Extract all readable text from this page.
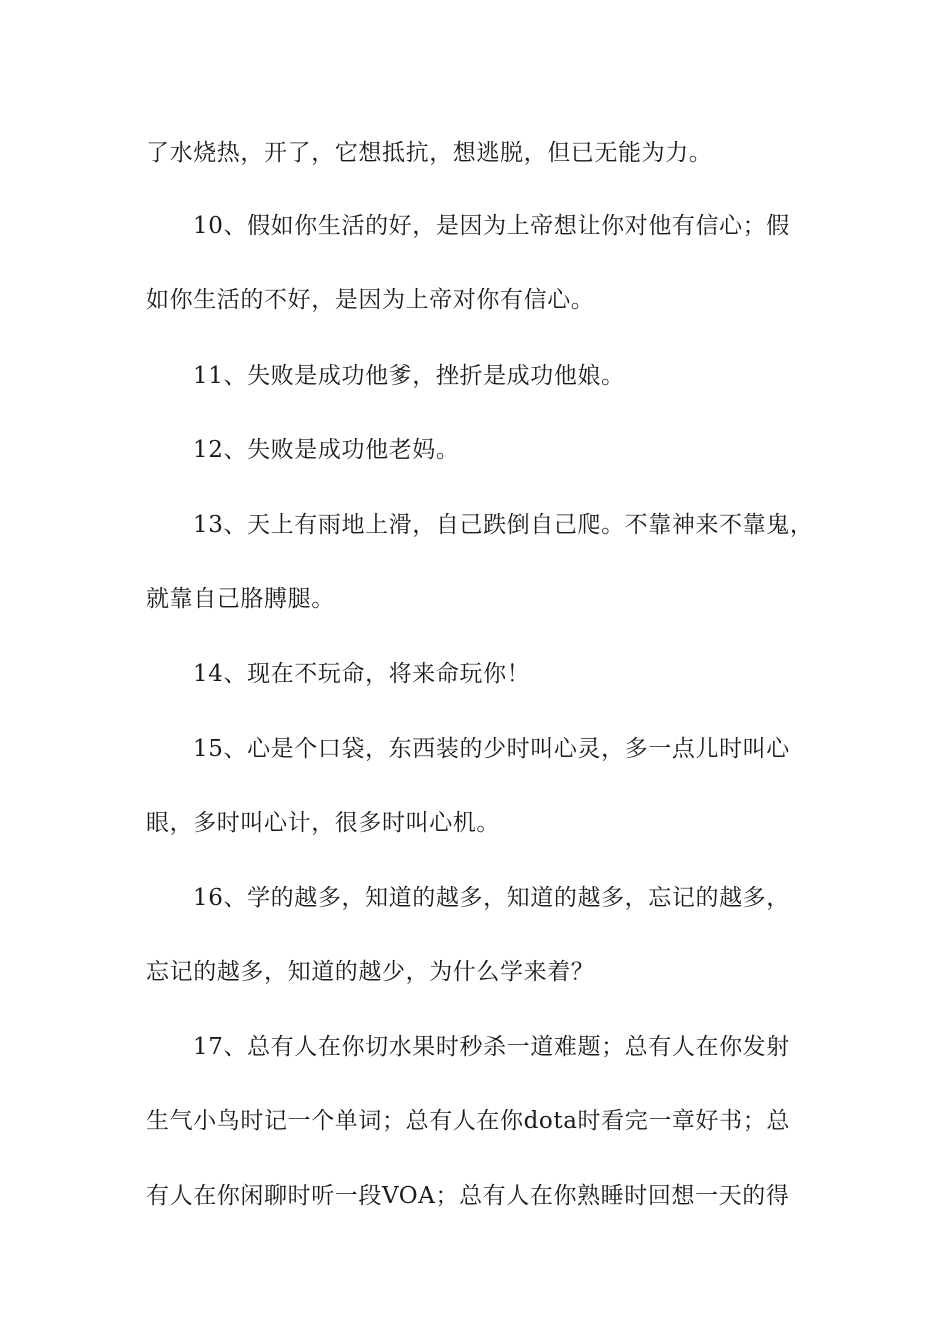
了水烧热，开了，它想抵抗，想逃脱，但已无能为力。
10、假如你生活的好，是因为上帝想让你对他有信心；假
如你生活的不好，是因为上帝对你有信心。
11、失败是成功他爹，挫折是成功他娘。
12、失败是成功他老妈。
13、天上有雨地上滑，自己跌倒自己爬。不靠神来不靠鬼，
就靠自己胳膊腿。
14、现在不玩命，将来命玩你！
15、心是个口袋，东西装的少时叫心灵，多一点儿时叫心
眼，多时叫心计，很多时叫心机。
16、学的越多，知道的越多，知道的越多，忘记的越多，
忘记的越多，知道的越少，为什么学来着？
17、总有人在你切水果时秒杀一道难题；总有人在你发射
生气小鸟时记一个单词；总有人在你dota时看完一章好书；总
有人在你闲聊时听一段VOA；总有人在你熟睡时回想一天的得
